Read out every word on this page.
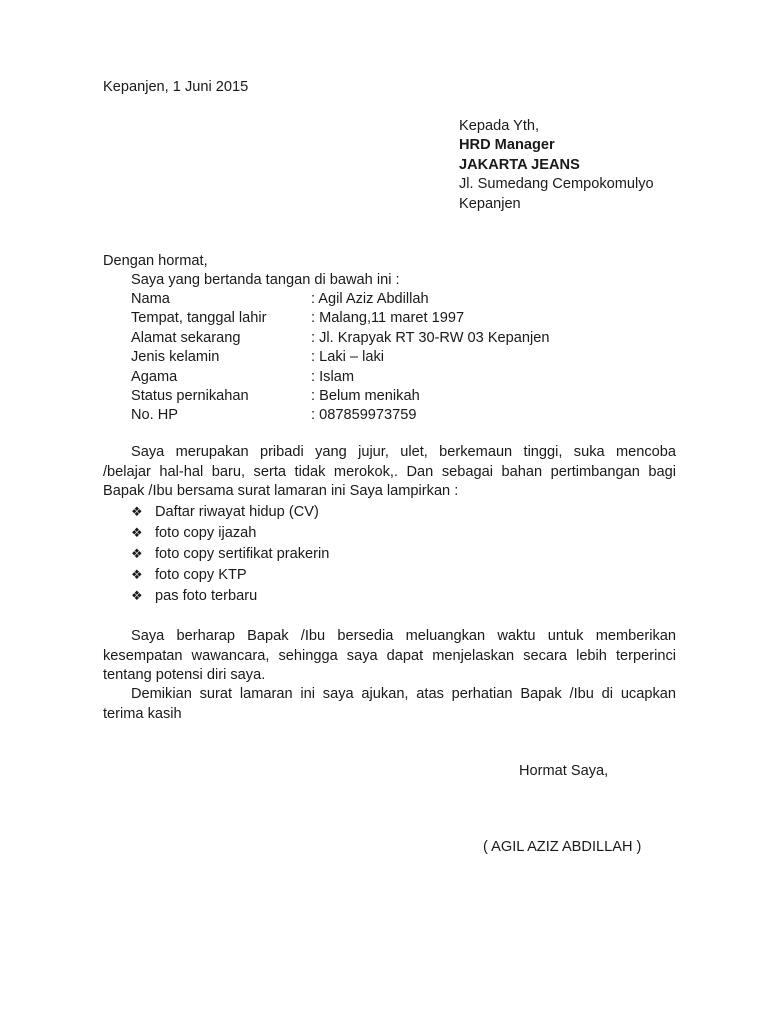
Kepanjen, 1 Juni 2015
Kepada Yth,
HRD Manager
JAKARTA JEANS
Jl. Sumedang Cempokomulyo
Kepanjen
Dengan hormat,
Saya yang bertanda tangan di bawah ini :
Nama	: Agil Aziz Abdillah
Tempat, tanggal lahir	: Malang,11 maret 1997
Alamat sekarang	: Jl. Krapyak RT 30-RW 03 Kepanjen
Jenis kelamin	: Laki – laki
Agama	: Islam
Status pernikahan	: Belum menikah
No. HP	: 087859973759
Saya merupakan pribadi yang jujur, ulet, berkemaun tinggi, suka mencoba
/belajar hal-hal baru, serta tidak merokok,. Dan sebagai bahan pertimbangan bagi
Bapak /Ibu bersama surat lamaran ini Saya lampirkan :
❖ Daftar riwayat hidup (CV)
❖ foto copy ijazah
❖ foto copy sertifikat prakerin
❖ foto copy KTP
❖ pas foto terbaru
Saya berharap Bapak /Ibu bersedia meluangkan waktu untuk memberikan
kesempatan wawancara, sehingga saya dapat menjelaskan secara lebih terperinci
tentang potensi diri saya.
Demikian surat lamaran ini saya ajukan, atas perhatian Bapak /Ibu di ucapkan
terima kasih
Hormat Saya,
( AGIL AZIZ ABDILLAH )
